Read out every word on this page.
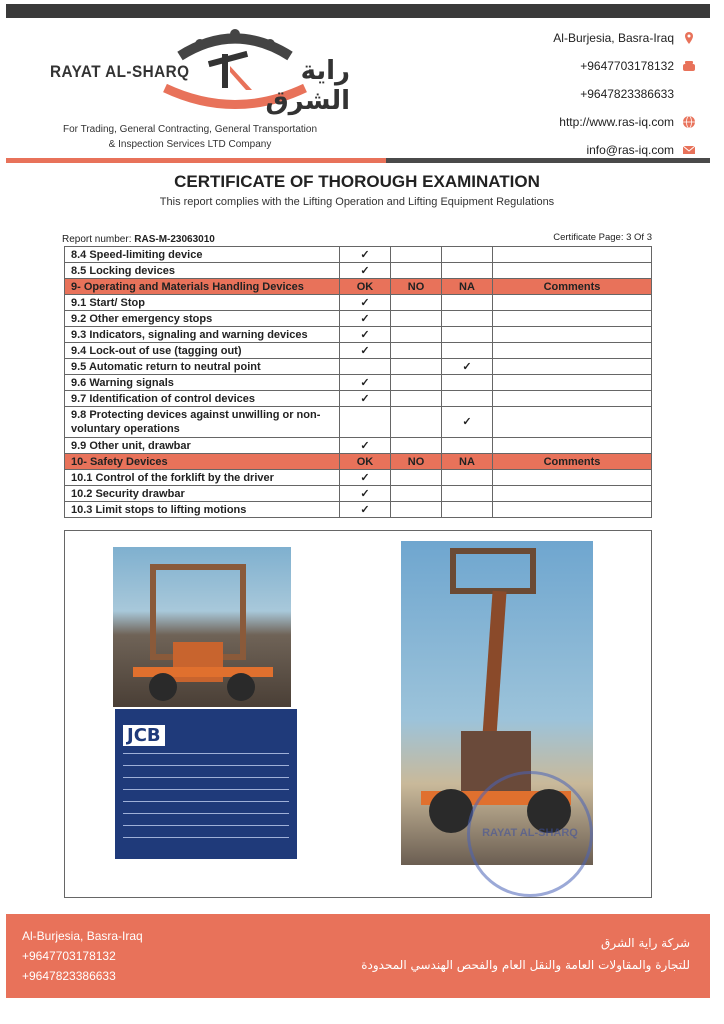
RAYAT AL-SHARQ	راية الشرق
For Trading, General Contracting, General Transportation
& Inspection Services LTD Company
Al-Burjesia, Basra-Iraq
+9647703178132
+9647823386633
http://www.ras-iq.com
info@ras-iq.com
CERTIFICATE OF THOROUGH EXAMINATION
This report complies with the Lifting Operation and Lifting Equipment Regulations
Report number: RAS-M-23063010	Certificate Page: 3 Of 3
8.4 Speed-limiting device	✓			
8.5 Locking devices	✓			
9- Operating and Materials Handling Devices	OK	NO	NA	Comments
9.1 Start/ Stop	✓			
9.2 Other emergency stops	✓			
9.3 Indicators, signaling and warning devices	✓			
9.4 Lock-out of use (tagging out)	✓			
9.5 Automatic return to neutral point			✓	
9.6 Warning signals	✓			
9.7 Identification of control devices	✓			
9.8 Protecting devices against unwilling or non-voluntary operations			✓	
9.9 Other unit, drawbar	✓			
10- Safety Devices	OK	NO	NA	Comments
10.1 Control of the forklift by the driver	✓			
10.2 Security drawbar	✓			
10.3 Limit stops to lifting motions	✓			
JCB
RAYAT AL-SHARQ
Al-Burjesia, Basra-Iraq
+9647703178132
+9647823386633
شركة راية الشرق
للتجارة والمقاولات العامة والنقل العام والفحص الهندسي المحدودة
